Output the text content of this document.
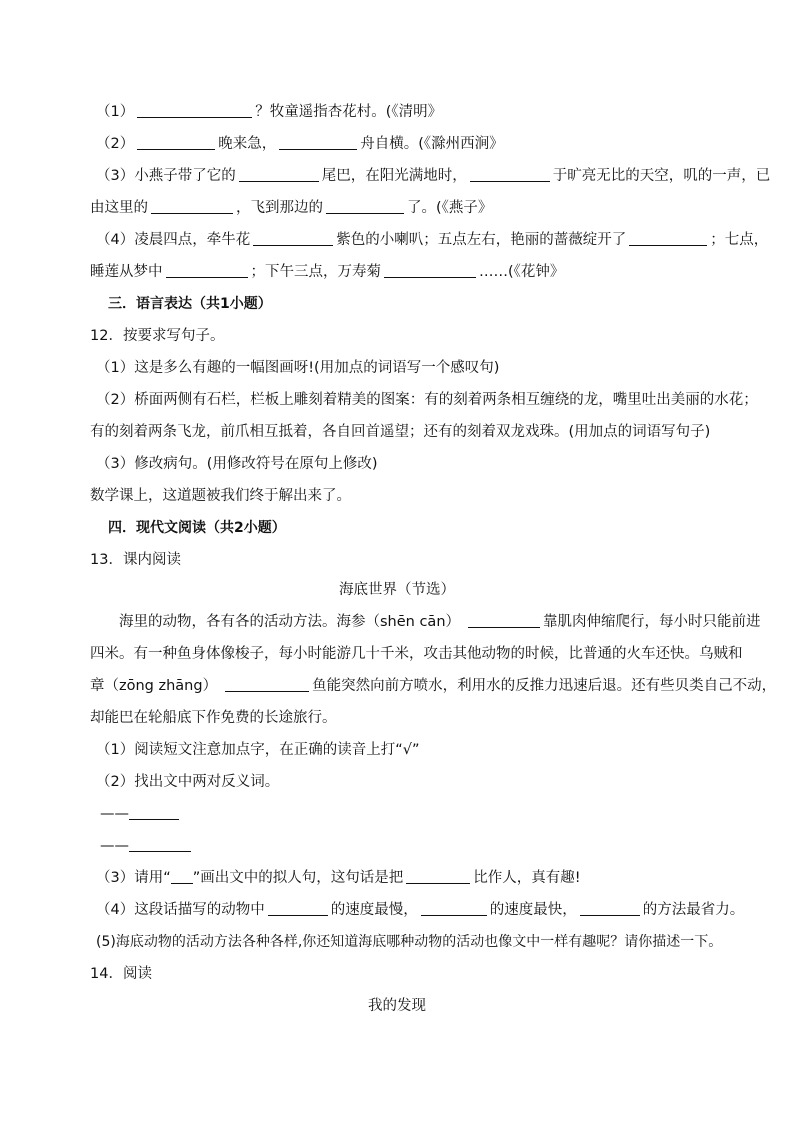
（1）	？牧童遥指杏花村。(《清明》
（2）	晚来急，	舟自横。(《滁州西涧》
（3）小燕子带了它的	尾巴，在阳光满地时，	于旷亮无比的天空，叽的一声，已
由这里的	，飞到那边的	了。(《燕子》
（4）凌晨四点，牵牛花	紫色的小喇叭；五点左右，艳丽的蔷薇绽开了	；七点，
睡莲从梦中	；下午三点，万寿菊	……(《花钟》
三．语言表达（共1小题）
12．按要求写句子。
（1）这是多么有趣的一幅图画呀!(用加点的词语写一个感叹句)
（2）桥面两侧有石栏，栏板上雕刻着精美的图案：有的刻着两条相互缠绕的龙，嘴里吐出美丽的水花；
有的刻着两条飞龙，前爪相互抵着，各自回首遥望；还有的刻着双龙戏珠。(用加点的词语写句子)
（3）修改病句。(用修改符号在原句上修改)
数学课上，这道题被我们终于解出来了。
四．现代文阅读（共2小题）
13．课内阅读
海底世界（节选）
海里的动物，各有各的活动方法。海参（shēn cān）	靠肌肉伸缩爬行，每小时只能前进
四米。有一种鱼身体像梭子，每小时能游几十千米，攻击其他动物的时候，比普通的火车还快。乌贼和
章（zōng zhāng）	鱼能突然向前方喷水，利用水的反推力迅速后退。还有些贝类自己不动，
却能巴在轮船底下作免费的长途旅行。
（1）阅读短文注意加点字，在正确的读音上打“√”
（2）找出文中两对反义词。
——
——
（3）请用“ ”画出文中的拟人句，这句话是把	比作人，真有趣!
（4）这段话描写的动物中	的速度最慢，	的速度最快，	的方法最省力。
(5)海底动物的活动方法各种各样,你还知道海底哪种动物的活动也像文中一样有趣呢？请你描述一下。
14．阅读
我的发现
